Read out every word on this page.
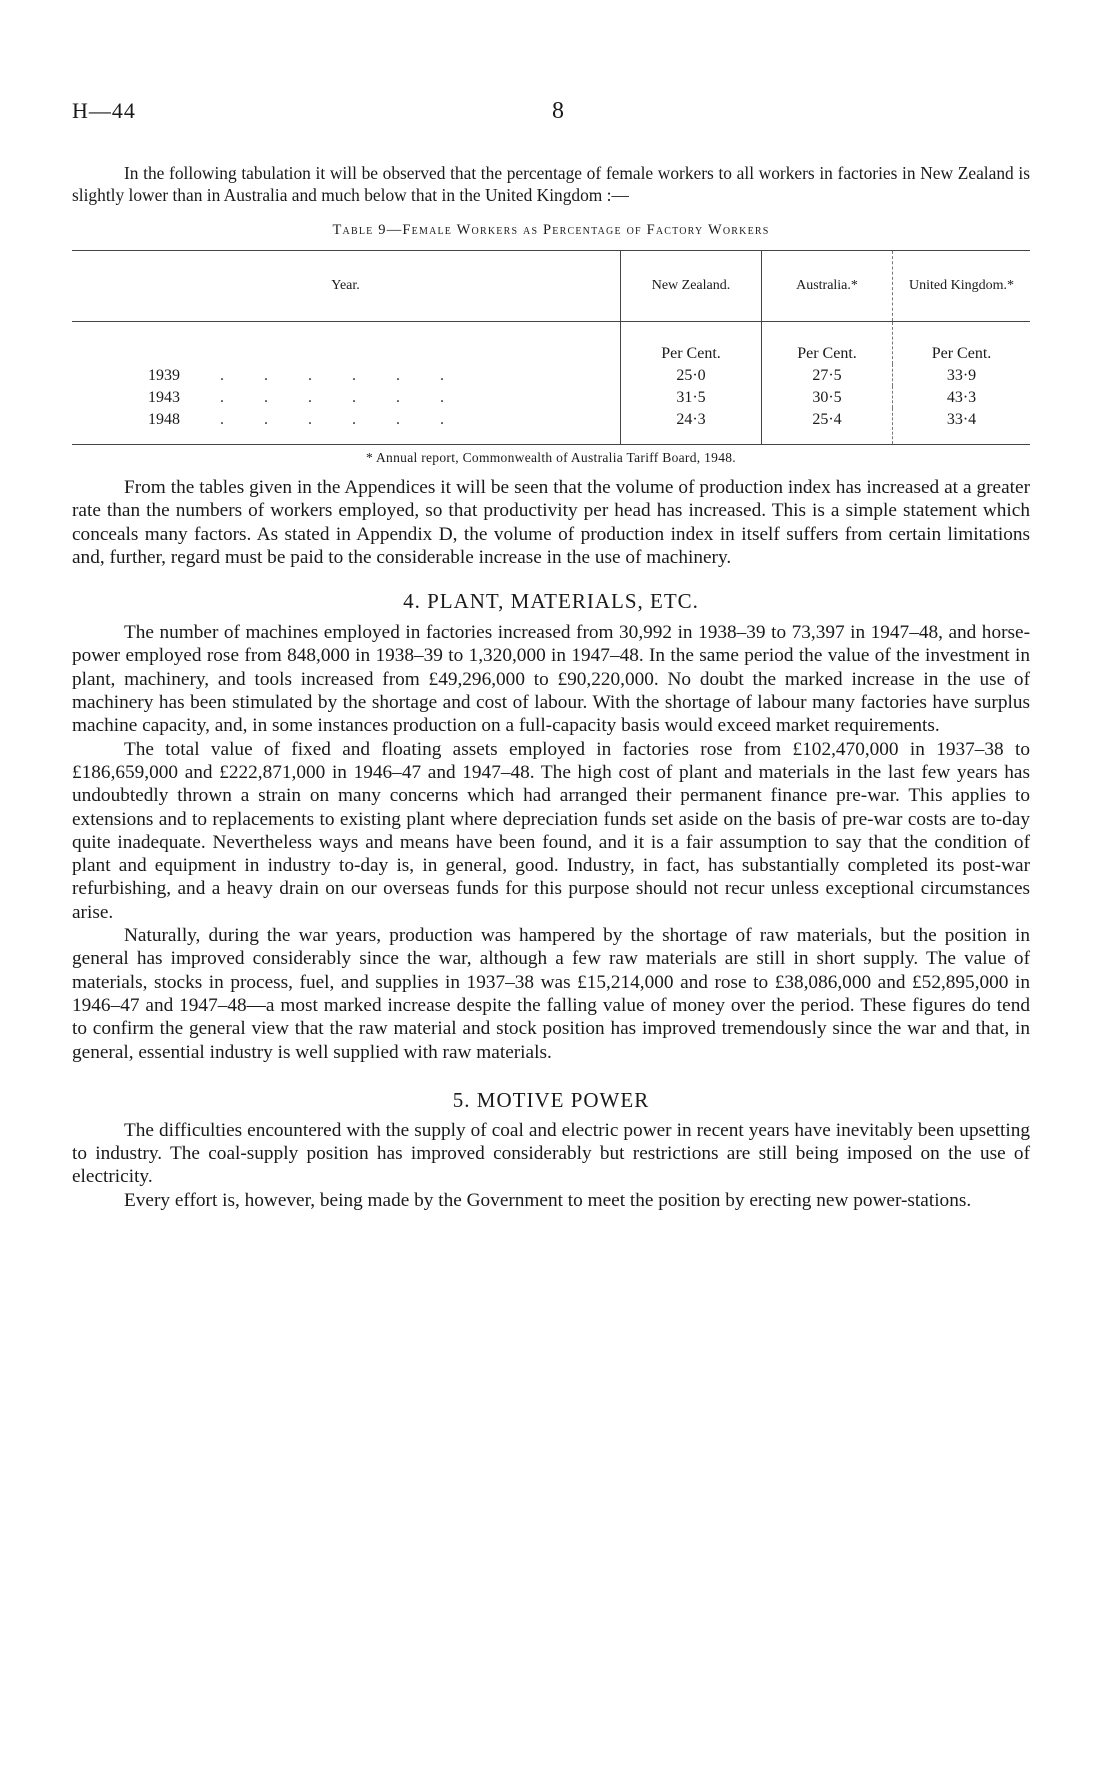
H—44	8

In the following tabulation it will be observed that the percentage of female workers to all workers in factories in New Zealand is slightly lower than in Australia and much below that in the United Kingdom :—

Table 9—Female Workers as Percentage of Factory Workers
Year.	New Zealand.	Australia.*	United Kingdom.*
	Per Cent.	Per Cent.	Per Cent.
1939 . . . . . .	25·0	27·5	33·9
1943 . . . . . .	31·5	30·5	43·3
1948 . . . . . .	24·3	25·4	33·4
* Annual report, Commonwealth of Australia Tariff Board, 1948.

From the tables given in the Appendices it will be seen that the volume of production index has increased at a greater rate than the numbers of workers employed, so that productivity per head has increased. This is a simple statement which conceals many factors. As stated in Appendix D, the volume of production index in itself suffers from certain limitations and, further, regard must be paid to the considerable increase in the use of machinery.

4. PLANT, MATERIALS, ETC.

The number of machines employed in factories increased from 30,992 in 1938–39 to 73,397 in 1947–48, and horse-power employed rose from 848,000 in 1938–39 to 1,320,000 in 1947–48. In the same period the value of the investment in plant, machinery, and tools increased from £49,296,000 to £90,220,000. No doubt the marked increase in the use of machinery has been stimulated by the shortage and cost of labour. With the shortage of labour many factories have surplus machine capacity, and, in some instances production on a full-capacity basis would exceed market requirements.

The total value of fixed and floating assets employed in factories rose from £102,470,000 in 1937–38 to £186,659,000 and £222,871,000 in 1946–47 and 1947–48. The high cost of plant and materials in the last few years has undoubtedly thrown a strain on many concerns which had arranged their permanent finance pre-war. This applies to extensions and to replacements to existing plant where depreciation funds set aside on the basis of pre-war costs are to-day quite inadequate. Nevertheless ways and means have been found, and it is a fair assumption to say that the condition of plant and equipment in industry to-day is, in general, good. Industry, in fact, has substantially completed its post-war refurbishing, and a heavy drain on our overseas funds for this purpose should not recur unless exceptional circumstances arise.

Naturally, during the war years, production was hampered by the shortage of raw materials, but the position in general has improved considerably since the war, although a few raw materials are still in short supply. The value of materials, stocks in process, fuel, and supplies in 1937–38 was £15,214,000 and rose to £38,086,000 and £52,895,000 in 1946–47 and 1947–48—a most marked increase despite the falling value of money over the period. These figures do tend to confirm the general view that the raw material and stock position has improved tremendously since the war and that, in general, essential industry is well supplied with raw materials.

5. MOTIVE POWER

The difficulties encountered with the supply of coal and electric power in recent years have inevitably been upsetting to industry. The coal-supply position has improved considerably but restrictions are still being imposed on the use of electricity.

Every effort is, however, being made by the Government to meet the position by erecting new power-stations.
